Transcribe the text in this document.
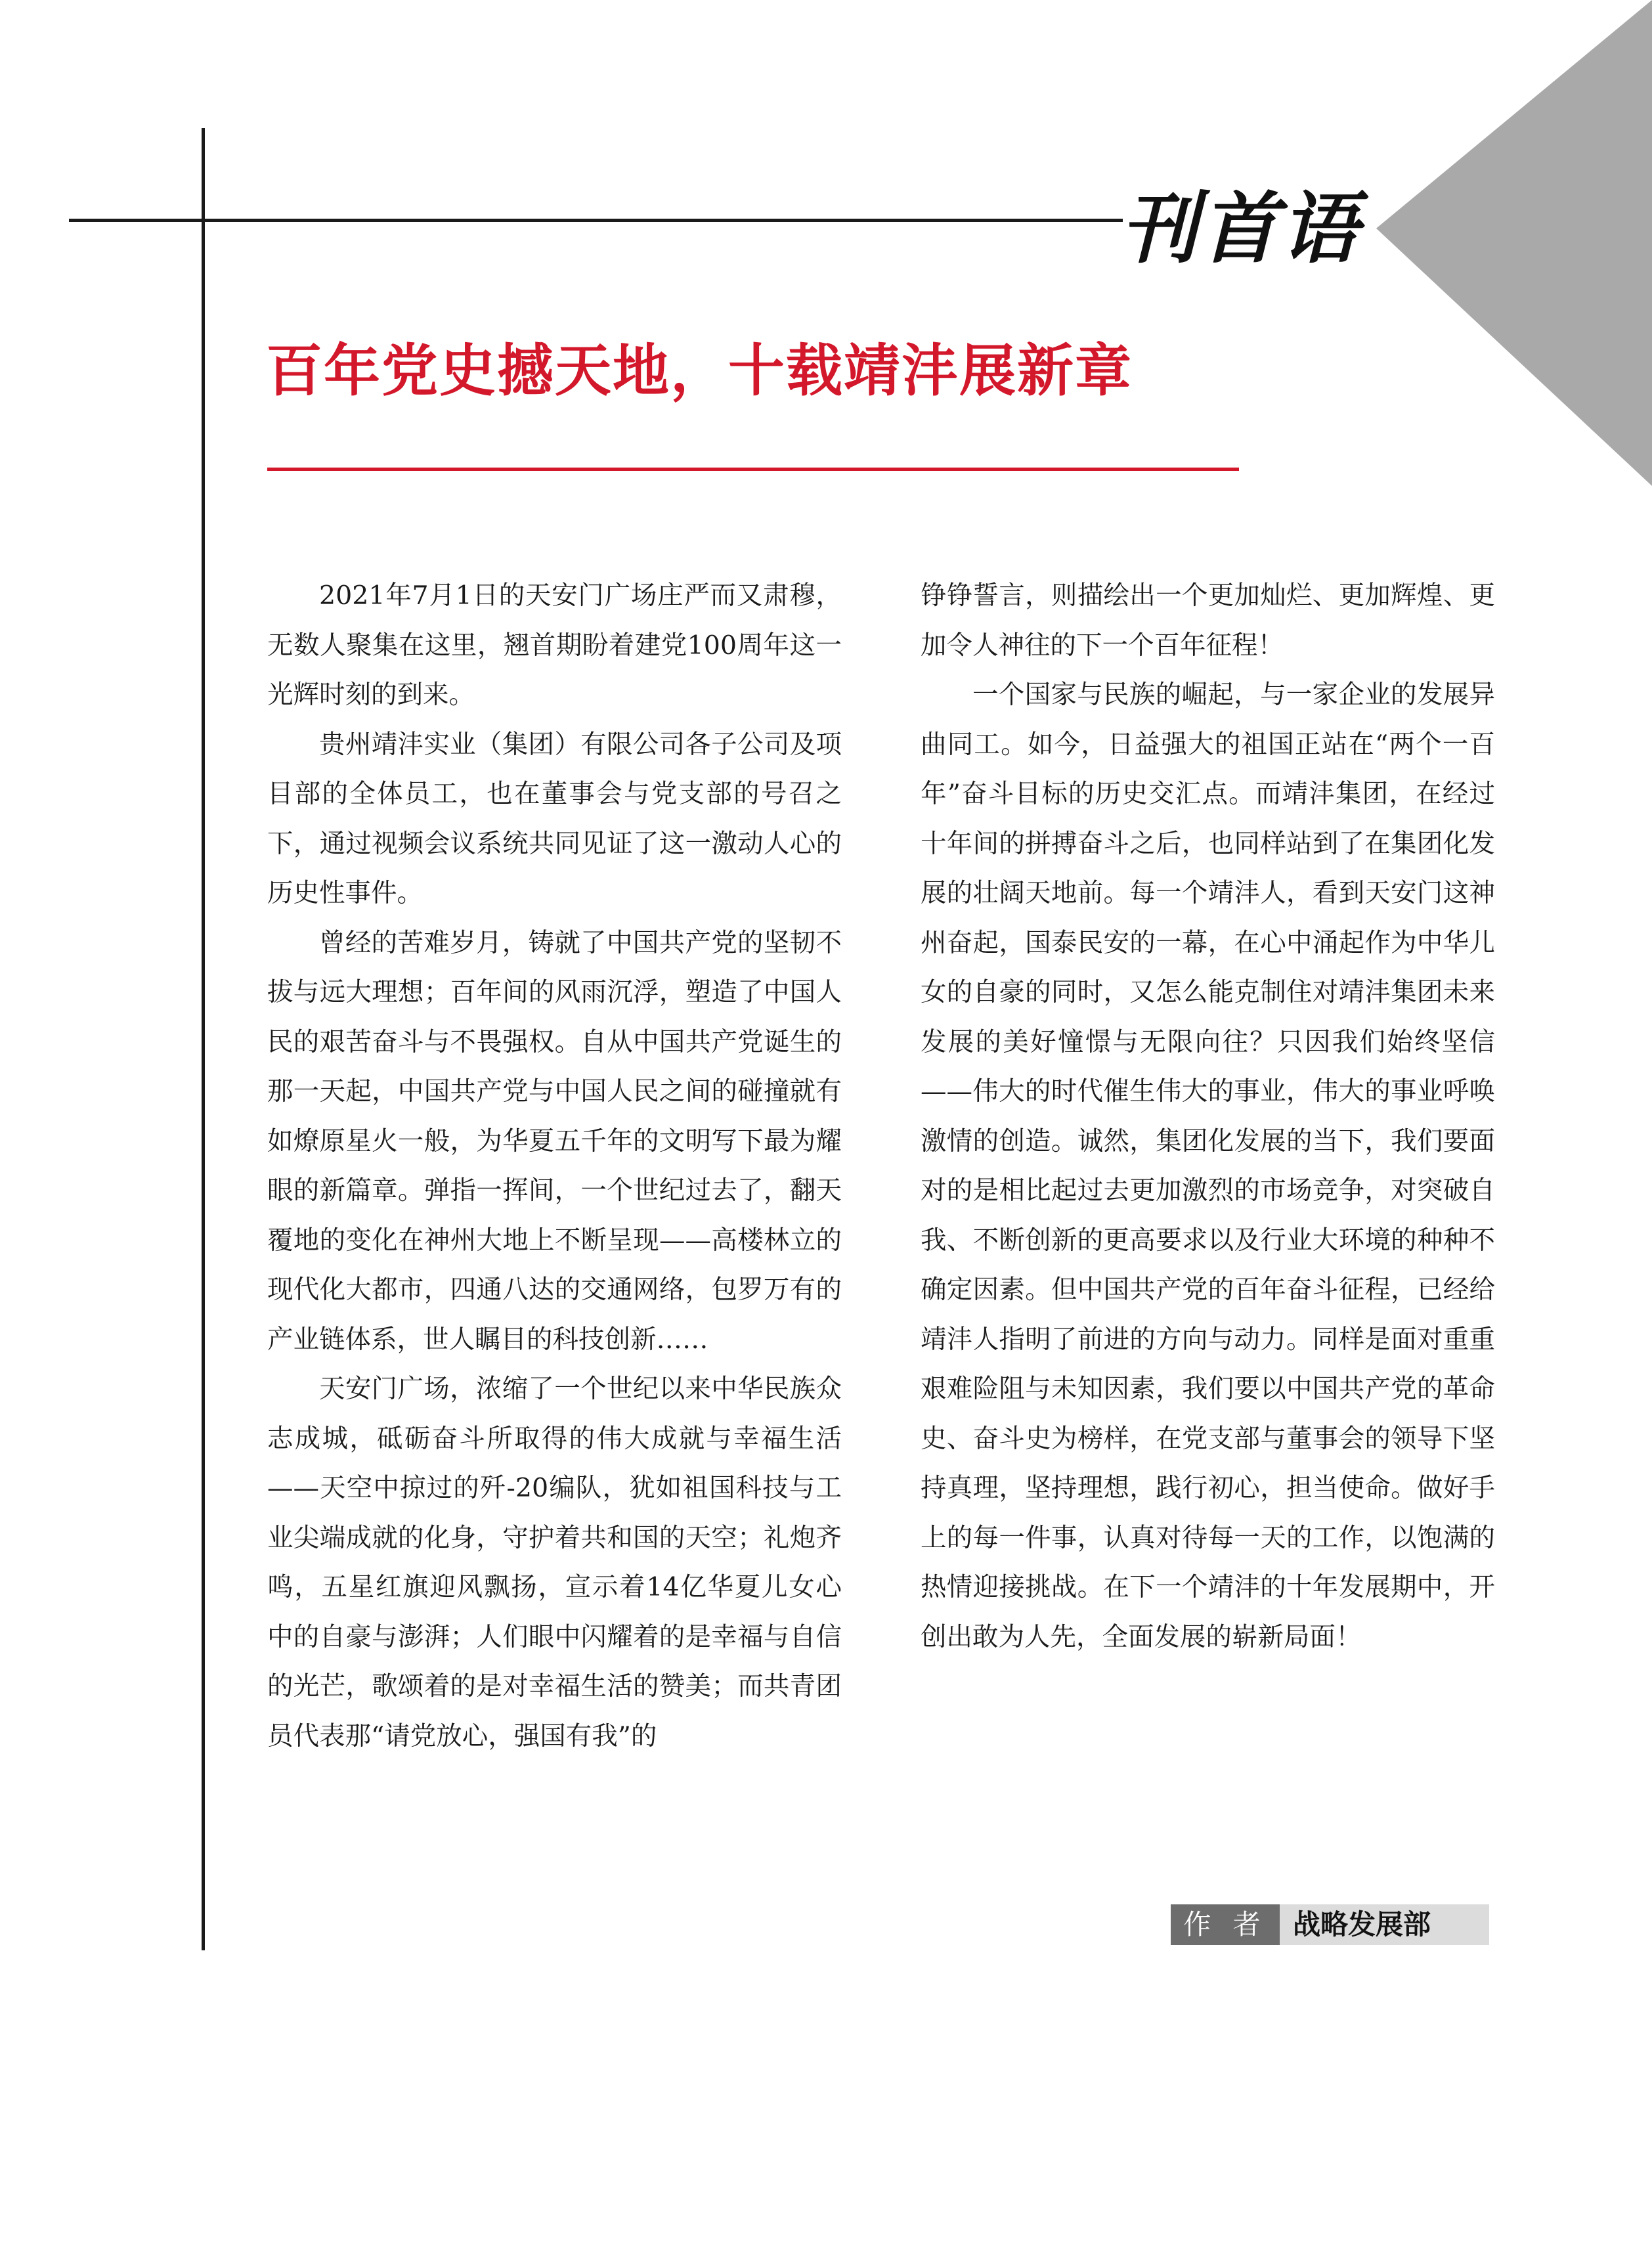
刊首语
百年党史撼天地，十载靖沣展新章

2021年7月1日的天安门广场庄严而又肃穆，无数人聚集在这里，翘首期盼着建党100周年这一光辉时刻的到来。

贵州靖沣实业（集团）有限公司各子公司及项目部的全体员工，也在董事会与党支部的号召之下，通过视频会议系统共同见证了这一激动人心的历史性事件。

曾经的苦难岁月，铸就了中国共产党的坚韧不拔与远大理想；百年间的风雨沉浮，塑造了中国人民的艰苦奋斗与不畏强权。自从中国共产党诞生的那一天起，中国共产党与中国人民之间的碰撞就有如燎原星火一般，为华夏五千年的文明写下最为耀眼的新篇章。弹指一挥间，一个世纪过去了，翻天覆地的变化在神州大地上不断呈现——高楼林立的现代化大都市，四通八达的交通网络，包罗万有的产业链体系，世人瞩目的科技创新……

天安门广场，浓缩了一个世纪以来中华民族众志成城，砥砺奋斗所取得的伟大成就与幸福生活——天空中掠过的歼-20编队，犹如祖国科技与工业尖端成就的化身，守护着共和国的天空；礼炮齐鸣，五星红旗迎风飘扬，宣示着14亿华夏儿女心中的自豪与澎湃；人们眼中闪耀着的是幸福与自信的光芒，歌颂着的是对幸福生活的赞美；而共青团员代表那“请党放心，强国有我”的

铮铮誓言，则描绘出一个更加灿烂、更加辉煌、更加令人神往的下一个百年征程！

一个国家与民族的崛起，与一家企业的发展异曲同工。如今，日益强大的祖国正站在“两个一百年”奋斗目标的历史交汇点。而靖沣集团，在经过十年间的拼搏奋斗之后，也同样站到了在集团化发展的壮阔天地前。每一个靖沣人，看到天安门这神州奋起，国泰民安的一幕，在心中涌起作为中华儿女的自豪的同时，又怎么能克制住对靖沣集团未来发展的美好憧憬与无限向往？只因我们始终坚信——伟大的时代催生伟大的事业，伟大的事业呼唤激情的创造。诚然，集团化发展的当下，我们要面对的是相比起过去更加激烈的市场竞争，对突破自我、不断创新的更高要求以及行业大环境的种种不确定因素。但中国共产党的百年奋斗征程，已经给靖沣人指明了前进的方向与动力。同样是面对重重艰难险阻与未知因素，我们要以中国共产党的革命史、奋斗史为榜样，在党支部与董事会的领导下坚持真理，坚持理想，践行初心，担当使命。做好手上的每一件事，认真对待每一天的工作，以饱满的热情迎接挑战。在下一个靖沣的十年发展期中，开创出敢为人先，全面发展的崭新局面！

作 者 战略发展部
